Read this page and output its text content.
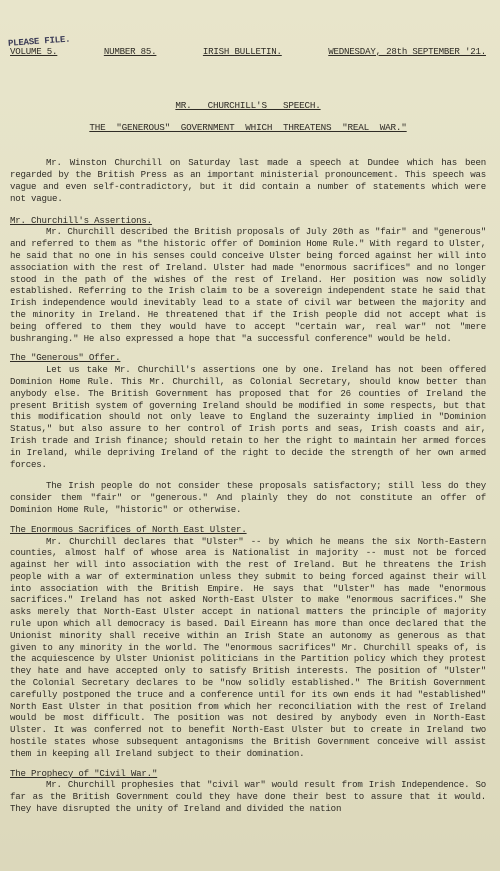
PLEASE FILE.
VOLUME 5.	NUMBER 85.	IRISH BULLETIN.	WEDNESDAY, 28th SEPTEMBER '21.
MR.   CHURCHILL'S   SPEECH.
THE  "GENEROUS"  GOVERNMENT  WHICH  THREATENS  "REAL  WAR."

Mr. Winston Churchill on Saturday last made a speech at Dundee which has been regarded by the British Press as an important ministerial pronouncement. This speech was vague and even self-contradictory, but it did contain a number of statements which were not vague.

Mr. Churchill's Assertions.

Mr. Churchill described the British proposals of July 20th as "fair" and "generous" and referred to them as "the historic offer of Dominion Home Rule." With regard to Ulster, he said that no one in his senses could conceive Ulster being forced against her will into association with the rest of Ireland. Ulster had made "enormous sacrifices" and no longer stood in the path of the wishes of the rest of Ireland. Her position was now solidly established. Referring to the Irish claim to be a sovereign independent state he said that Irish independence would inevitably lead to a state of civil war between the majority and the minority in Ireland. He threatened that if the Irish people did not accept what is being offered to them they would have to accept "certain war, real war" not "mere bushranging." He also expressed a hope that "a successful conference" would be held.

The "Generous" Offer.

Let us take Mr. Churchill's assertions one by one. Ireland has not been offered Dominion Home Rule. This Mr. Churchill, as Colonial Secretary, should know better than anybody else. The British Government has proposed that for 26 counties of Ireland the present British system of governing Ireland should be modified in some respects, but that this modification should not only leave to England the suzerainty implied in "Dominion Status," but also assure to her control of Irish ports and seas, Irish coasts and air, Irish trade and Irish finance; should retain to her the right to maintain her armed forces in Ireland, while depriving Ireland of the right to decide the strength of her own armed forces.

The Irish people do not consider these proposals satisfactory; still less do they consider them "fair" or "generous." And plainly they do not constitute an offer of Dominion Home Rule, "historic" or otherwise.

The Enormous Sacrifices of North East Ulster.

Mr. Churchill declares that "Ulster" -- by which he means the six North-Eastern counties, almost half of whose area is Nationalist in majority -- must not be forced against her will into association with the rest of Ireland. But he threatens the Irish people with a war of extermination unless they submit to being forced against their will into association with the British Empire. He says that "Ulster" has made "enormous sacrifices." Ireland has not asked North-East Ulster to make "enormous sacrifices." She asks merely that North-East Ulster accept in national matters the principle of majority rule upon which all democracy is based. Dail Eireann has more than once declared that the Unionist minority shall receive within an Irish State an autonomy as generous as that given to any minority in the world. The "enormous sacrifices" Mr. Churchill speaks of, is the acquiescence by Ulster Unionist politicians in the Partition policy which they protest they hate and have accepted only to satisfy British interests. The position of "Ulster" the Colonial Secretary declares to be "now solidly established." The British Government carefully postponed the truce and a conference until for its own ends it had "established" North East Ulster in that position from which her reconciliation with the rest of Ireland would be most difficult. The position was not desired by anybody even in North-East Ulster. It was conferred not to benefit North-East Ulster but to create in Ireland two hostile states whose subsequent antagonisms the British Government conceive will assist them in keeping all Ireland subject to their domination.

The Prophecy of "Civil War."

Mr. Churchill prophesies that "civil war" would result from Irish Independence. So far as the British Government could they have done their best to assure that it would. They have disrupted the unity of Ireland and divided the nation
